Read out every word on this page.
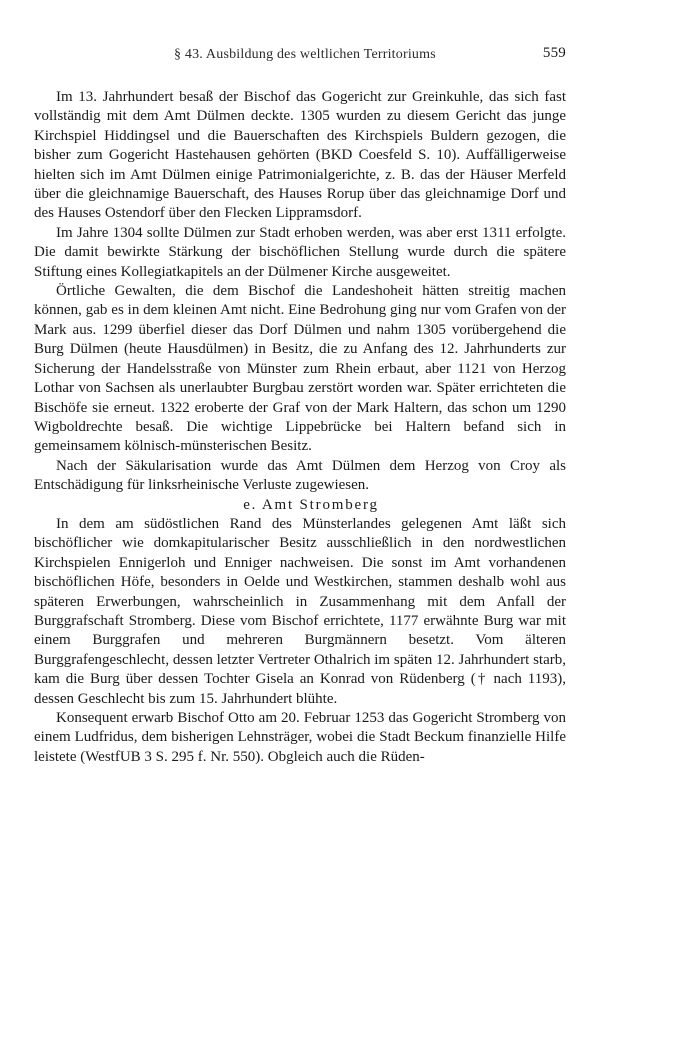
§ 43. Ausbildung des weltlichen Territoriums	559

Im 13. Jahrhundert besaß der Bischof das Gogericht zur Greinkuhle, das sich fast vollständig mit dem Amt Dülmen deckte. 1305 wurden zu diesem Gericht das junge Kirchspiel Hiddingsel und die Bauerschaften des Kirchspiels Buldern gezogen, die bisher zum Gogericht Hastehausen gehörten (BKD Coesfeld S. 10). Auffälligerweise hielten sich im Amt Dülmen einige Patrimonialgerichte, z. B. das der Häuser Merfeld über die gleichnamige Bauerschaft, des Hauses Rorup über das gleichnamige Dorf und des Hauses Ostendorf über den Flecken Lippramsdorf.

Im Jahre 1304 sollte Dülmen zur Stadt erhoben werden, was aber erst 1311 erfolgte. Die damit bewirkte Stärkung der bischöflichen Stellung wurde durch die spätere Stiftung eines Kollegiatkapitels an der Dülmener Kirche ausgeweitet.

Örtliche Gewalten, die dem Bischof die Landeshoheit hätten streitig machen können, gab es in dem kleinen Amt nicht. Eine Bedrohung ging nur vom Grafen von der Mark aus. 1299 überfiel dieser das Dorf Dülmen und nahm 1305 vorübergehend die Burg Dülmen (heute Hausdülmen) in Besitz, die zu Anfang des 12. Jahrhunderts zur Sicherung der Handelsstraße von Münster zum Rhein erbaut, aber 1121 von Herzog Lothar von Sachsen als unerlaubter Burgbau zerstört worden war. Später errichteten die Bischöfe sie erneut. 1322 eroberte der Graf von der Mark Haltern, das schon um 1290 Wigboldrechte besaß. Die wichtige Lippebrücke bei Haltern befand sich in gemeinsamem kölnisch-münsterischen Besitz.

Nach der Säkularisation wurde das Amt Dülmen dem Herzog von Croy als Entschädigung für linksrheinische Verluste zugewiesen.

e. Amt Stromberg

In dem am südöstlichen Rand des Münsterlandes gelegenen Amt läßt sich bischöflicher wie domkapitularischer Besitz ausschließlich in den nordwestlichen Kirchspielen Ennigerloh und Enniger nachweisen. Die sonst im Amt vorhandenen bischöflichen Höfe, besonders in Oelde und Westkirchen, stammen deshalb wohl aus späteren Erwerbungen, wahrscheinlich in Zusammenhang mit dem Anfall der Burggrafschaft Stromberg. Diese vom Bischof errichtete, 1177 erwähnte Burg war mit einem Burggrafen und mehreren Burgmännern besetzt. Vom älteren Burggrafengeschlecht, dessen letzter Vertreter Othalrich im späten 12. Jahrhundert starb, kam die Burg über dessen Tochter Gisela an Konrad von Rüdenberg († nach 1193), dessen Geschlecht bis zum 15. Jahrhundert blühte.

Konsequent erwarb Bischof Otto am 20. Februar 1253 das Gogericht Stromberg von einem Ludfridus, dem bisherigen Lehnsträger, wobei die Stadt Beckum finanzielle Hilfe leistete (WestfUB 3 S. 295 f. Nr. 550). Obgleich auch die Rüden-
